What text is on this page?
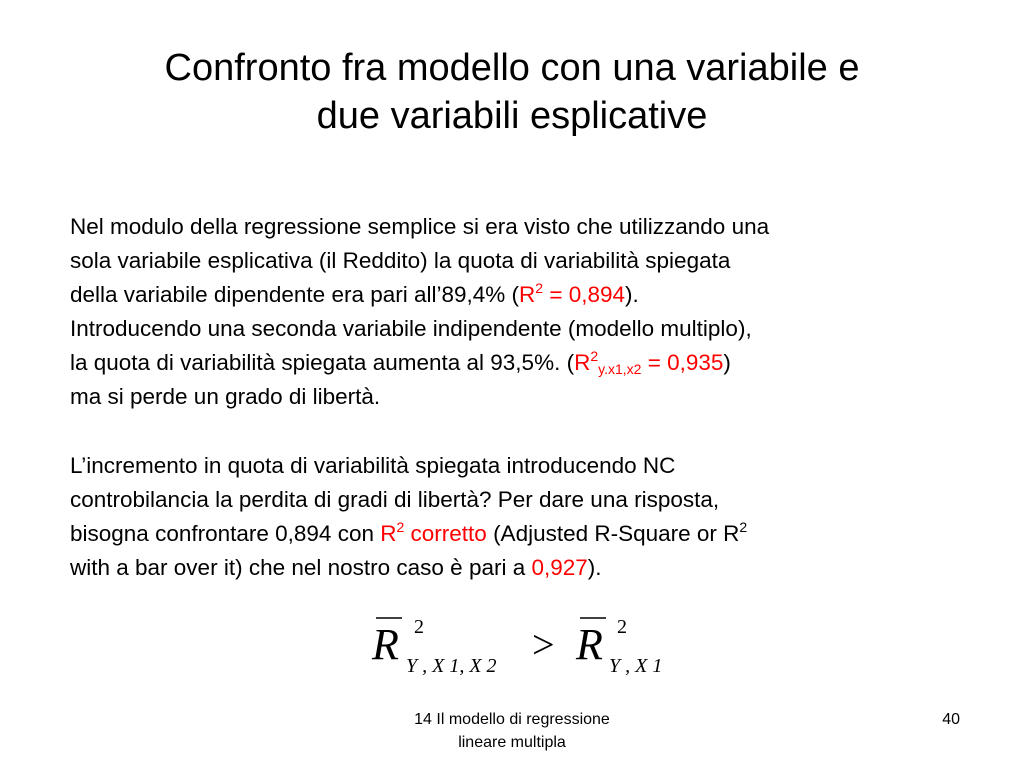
Confronto fra modello con una variabile e
due variabili esplicative
Nel modulo della regressione semplice si era visto che utilizzando una
sola variabile esplicativa (il Reddito) la quota di variabilità spiegata
della variabile dipendente era pari all’89,4% $(R^2 = 0,894)$.
Introducendo una seconda variabile indipendente (modello multiplo),
la quota di variabilità spiegata aumenta al 93,5%. $(R^2_{y.x1,x2} = 0,935)$
ma si perde un grado di libertà.
L’incremento in quota di variabilità spiegata introducendo NC
controbilancia la perdita di gradi di libertà? Per dare una risposta,
bisogna confrontare 0,894 con $R^2$ corretto (Adjusted R-Square or $R^2$
with a bar over it) che nel nostro caso è pari a 0,927).
R 2
Y , X 1, X 2 > R 2
Y , X 1
14 Il modello di regressione
lineare multipla
40
